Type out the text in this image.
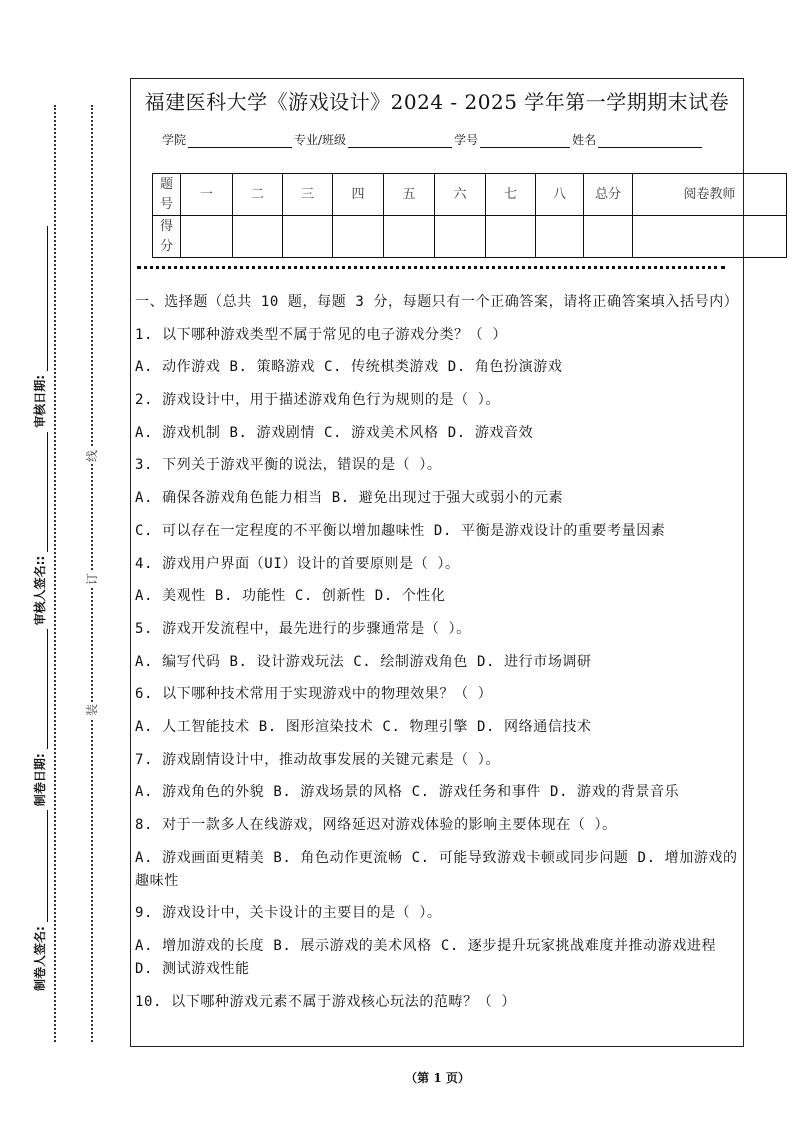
装
订
线
制卷人签名:
制卷日期:
审核人签名::
审核日期:
福建医科大学《游戏设计》2024 - 2025 学年第一学期期末试卷
学院	专业/班级	学号	姓名
题号	一	二	三	四	五	六	七	八	总分	阅卷教师
得分										

一、选择题（总共 10 题，每题 3 分，每题只有一个正确答案，请将正确答案填入括号内）

1. 以下哪种游戏类型不属于常见的电子游戏分类？（ ）

A. 动作游戏 B. 策略游戏 C. 传统棋类游戏 D. 角色扮演游戏

2. 游戏设计中，用于描述游戏角色行为规则的是（ ）。

A. 游戏机制 B. 游戏剧情 C. 游戏美术风格 D. 游戏音效

3. 下列关于游戏平衡的说法，错误的是（ ）。

A. 确保各游戏角色能力相当 B. 避免出现过于强大或弱小的元素

C. 可以存在一定程度的不平衡以增加趣味性 D. 平衡是游戏设计的重要考量因素

4. 游戏用户界面（UI）设计的首要原则是（ ）。

A. 美观性 B. 功能性 C. 创新性 D. 个性化

5. 游戏开发流程中，最先进行的步骤通常是（ ）。

A. 编写代码 B. 设计游戏玩法 C. 绘制游戏角色 D. 进行市场调研

6. 以下哪种技术常用于实现游戏中的物理效果？（ ）

A. 人工智能技术 B. 图形渲染技术 C. 物理引擎 D. 网络通信技术

7. 游戏剧情设计中，推动故事发展的关键元素是（ ）。

A. 游戏角色的外貌 B. 游戏场景的风格 C. 游戏任务和事件 D. 游戏的背景音乐

8. 对于一款多人在线游戏，网络延迟对游戏体验的影响主要体现在（ ）。

A. 游戏画面更精美 B. 角色动作更流畅 C. 可能导致游戏卡顿或同步问题 D. 增加游戏的趣味性

9. 游戏设计中，关卡设计的主要目的是（ ）。

A. 增加游戏的长度 B. 展示游戏的美术风格 C. 逐步提升玩家挑战难度并推动游戏进程 D. 测试游戏性能

10. 以下哪种游戏元素不属于游戏核心玩法的范畴？（ ）

（第 1 页）
